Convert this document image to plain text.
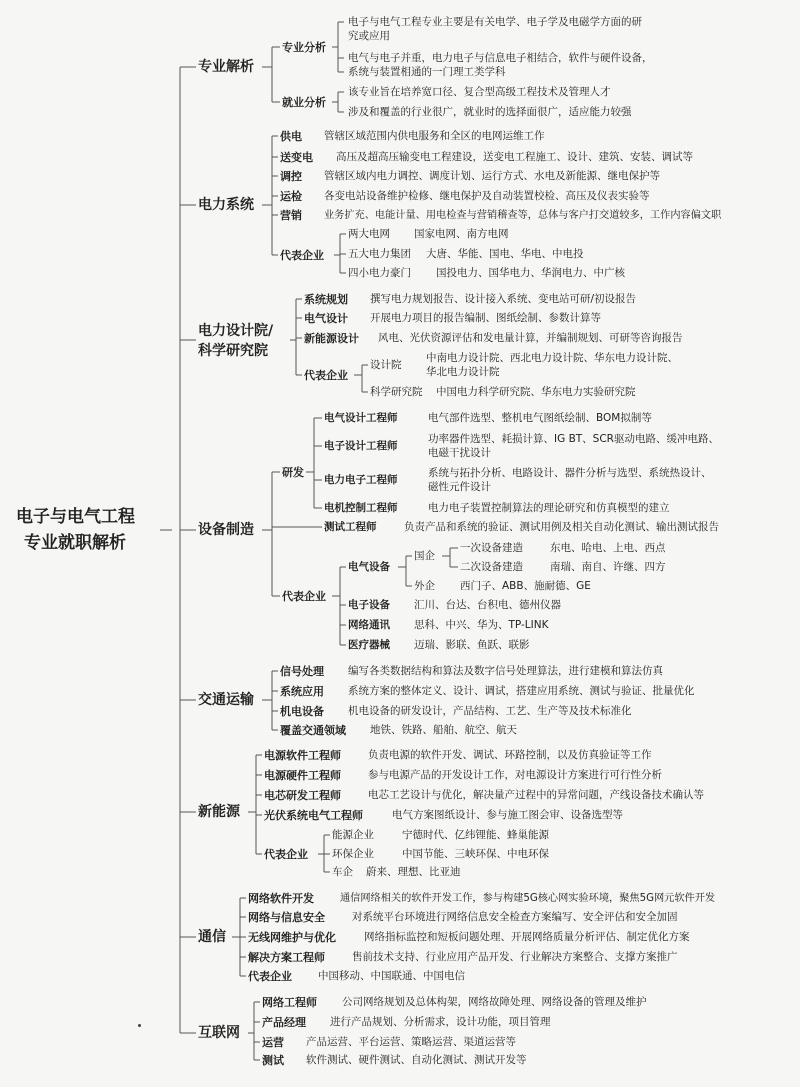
电子与电气工程
专业就职解析
专业解析
电力系统
电力设计院/
科学研究院
设备制造
交通运输
新能源
通信
互联网
专业分析
电子与电气工程专业主要是有关电学、电子学及电磁学方面的研
究或应用
电气与电子并重，电力电子与信息电子相结合，软件与硬件设备，
系统与装置相通的一门理工类学科
就业分析
该专业旨在培养宽口径、复合型高级工程技术及管理人才
涉及和覆盖的行业很广，就业时的选择面很广，适应能力较强
供电 管辖区域范围内供电服务和全区的电网运维工作
送变电 高压及超高压输变电工程建设，送变电工程施工、设计、建筑、安装、调试等
调控 管辖区域内电力调控、调度计划、运行方式、水电及新能源、继电保护等
运检 各变电站设备维护检修、继电保护及自动装置校检、高压及仪表实验等
营销 业务扩充、电能计量、用电检查与营销稽查等，总体与客户打交道较多，工作内容偏文职
代表企业
两大电网 国家电网、南方电网
五大电力集团 大唐、华能、国电、华电、中电投
四小电力豪门 国投电力、国华电力、华润电力、中广核
系统规划 撰写电力规划报告、设计接入系统、变电站可研/初设报告
电气设计 开展电力项目的报告编制、图纸绘制、参数计算等
新能源设计 风电、光伏资源评估和发电量计算，并编制规划、可研等咨询报告
代表企业
设计院
中南电力设计院、西北电力设计院、华东电力设计院、
华北电力设计院
科学研究院 中国电力科学研究院、华东电力实验研究院
研发
电气设计工程师	电气部件选型、整机电气图纸绘制、BOM拟制等
电子设计工程师
功率器件选型、耗损计算、IG BT、SCR驱动电路、缓冲电路、
电磁干扰设计
电力电子工程师
系统与拓扑分析、电路设计、器件分析与选型、系统热设计、
磁性元件设计
电机控制工程师	电力电子装置控制算法的理论研究和仿真模型的建立
测试工程师	负责产品和系统的验证、测试用例及相关自动化测试、输出测试报告
代表企业
电气设备
国企
一次设备建造	东电、哈电、上电、西点
二次设备建造	南瑞、南自、许继、四方
外企 西门子、ABB、施耐德、GE
电子设备 汇川、台达、台积电、德州仪器
网络通讯 思科、中兴、华为、TP-LINK
医疗器械 迈瑞、影联、鱼跃、联影
信号处理 编写各类数据结构和算法及数字信号处理算法，进行建模和算法仿真
系统应用 系统方案的整体定义、设计、调试，搭建应用系统、测试与验证、批量优化
机电设备 机电设备的研发设计，产品结构、工艺、生产等及技术标准化
覆盖交通领域 地铁、铁路、船舶、航空、航天
电源软件工程师	负责电源的软件开发、调试、环路控制，以及仿真验证等工作
电源硬件工程师	参与电源产品的开发设计工作，对电源设计方案进行可行性分析
电芯研发工程师	电芯工艺设计与优化，解决量产过程中的异常问题，产线设备技术确认等
光伏系统电气工程师	电气方案图纸设计、参与施工图会审、设备选型等
代表企业
能源企业	宁德时代、亿纬锂能、蜂巢能源
环保企业	中国节能、三峡环保、中电环保
车企 蔚来、理想、比亚迪
网络软件开发	通信网络相关的软件开发工作，参与构建5G核心网实验环境，聚焦5G网元软件开发
网络与信息安全	对系统平台环境进行网络信息安全检查方案编写、安全评估和安全加固
无线网维护与优化	网络指标监控和短板问题处理、开展网络质量分析评估、制定优化方案
解决方案工程师	售前技术支持、行业应用产品开发、行业解决方案整合、支撑方案推广
代表企业 中国移动、中国联通、中国电信
网络工程师 公司网络规划及总体构架，网络故障处理、网络设备的管理及维护
产品经理 进行产品规划、分析需求，设计功能，项目管理
运营 产品运营、平台运营、策略运营、渠道运营等
测试 软件测试、硬件测试、自动化测试、测试开发等
